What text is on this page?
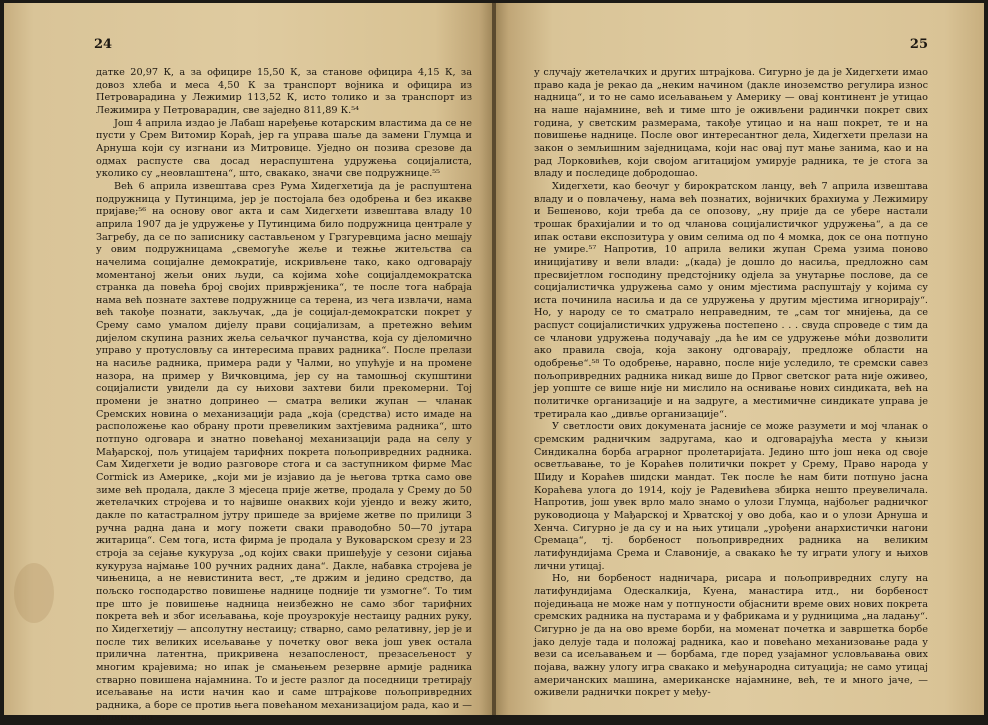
24

датке 20,97 К, а за официре 15,50 К, за станове официра 4,15 К, за довоз хлеба и меса 4,50 К за транспорт војника и официра из Петроварадина у Лежимир 113,52 К, исто толико и за транспорт из Лежимира у Петроварадин, све заједно 811,89 К.⁵⁴

Још 4 априла издао је Лабаш наређење котарским властима да се не пусти у Срем Витомир Кораћ, јер га управа шаље да замени Глумца и Арнуша који су изгнани из Митровице. Уједно он позива срезове да одмах распусте сва досад нераспуштена удружења социјалиста, уколико су „неовлаштена“, што, свакако, значи све подружнице.⁵⁵

Већ 6 априла извештава срез Рума Хидегхетија да је распуштена подружница у Путинцима, јер је постојала без одобрења и без икакве пријаве;⁵⁶ на основу овог акта и сам Хидегхети извештава владу 10 априла 1907 да је удружење у Путинцима било подружница централе у Загребу, да се по записнику састављеном у Грзгуревцима јасно мешају у овим подружницама „свемогуће жеље и тежње житељства са начелима социјалне демократије, искривљене тако, како одговарају моментаној жељи оних људи, са којима хоће социјалдемократска странка да повећа број својих привржјеника“, те после тога набраја нама већ познате захтеве подружнице са терена, из чега извлачи, нама већ такође познати, закључак, „да је социјал-демократски покрет у Срему само умалом дијелу прави социјализам, а претежно већим дијелом скупина разних жеља сељачког пучанства, која су дјеломично управо у протусловљу са интересима правих радника“. После прелази на насиље радника, примера ради у Чалми, но упућује и на промене назора, на пример у Вичковцима, јер су на тамошњој скупштини социјалисти увидели да су њихови захтеви били прекомерни. Тој промени је знатно допринео — сматра велики жупан — чланак Сремских новина о механизацији рада „која (средства) исто имаде на расположење као обрану проти превеликим захтјевима радника“, што потпуно одговара и знатно повећаној механизацији рада на селу у Мађарској, пољ утицајем тарифних покрета пољопривредних радника. Сам Хидегхети је водио разговоре стога и са заступником фирме Mac Cormick из Америке, „који ми је изјавио да је његова тртка само ове зиме већ продала, дакле 3 мјесеца прије жетве, продала у Срему до 50 жетелачких стројева и то највише онаквих који ујендо и вежу жито, дакле по катастралном јутру пришеде за вријеме жетве по прилици 3 ручна радна дана и могу пожети сваки прaвoдобно 50—70 јутара житарица“. Сем тога, иста фирма је продала у Вуковарском срезу и 23 строја за сејање кукуруза „од којих сваки пришеђује у сезони сијања кукуруза најмање 100 ручних радних дана“. Дакле, набавка стројева је чињеница, а не невистинита вест, „те држим и једино средство, да пољско господарство повишење наднице подније ти узмогне“. То тим пре што је повишење надница неизбежно не само због тарифних покрета већ и због исељавања, које проузрокује нестаицу радних руку, по Хидегхетију — апсолутну нестаицу; стварно, само релативну, јер је и после тих великих исељавање у почетку овог века још увек остала прилична латентна, прикривена незапосленост, презасељеност у многим крајевима; но ипак је смањењем резервне армије радника стварно повишена најамнина. То и јесте разлог да поседници третирају исељавање на исти начин као и саме штрајкове пољопривредних радника, а боре се против њега повећаном механизацијом рада, као и — делимично —

25

у случају жетелачких и других штрајкова. Сигурно је да је Хидегхети имао право када је рекао да „неким начином (дакле иноземство регулира износ надница“, и то не само исељавањем у Америку — овај континент је утицао на наше најамнине, већ и тиме што је оживљени радинчки покрет свих година, у светским размерама, такође утицао и на наш покрет, те и на повишење наднице. После овог интересантног дела, Хидегхети прелази на закон о земљишним заједницама, који нас овај пут мање занима, као и на рад Лорковићев, који својом агитацијом умирује радника, те је стога за владу и последице добродошао.

Хидегхети, као беочуг у бирократском ланцу, већ 7 априла извештава владу и о повлачењу, нама већ познатих, војничких брахиума у Лежимиру и Бешеново, који треба да се опозову, „ну прије да се уберe настали трошак брахијалии и то од чланова социјалистичког удружења“, а да се ипак остави експозитура у овим селима од по 4 момка, док се она потпуно не умире.⁵⁷ Напротив, 10 априла велики жупан Срема узима поново иницијативу и вели влади: „(када) је дошло до насиља, предложно сам пресвијетлом господину предстојнику одјела за унутарње послове, да се социјалистичка удружења само у оним мјестима распуштају у којима су иста починила насиља и да се удружења у другим мјестима игнорирају“. Но, у народу се то сматрало неправедним, те „сам тог мнијења, да се распуст социјалистичких удружења постепено . . . свуда спроведе с тим да се чланови удружења подучавају „да ће им се удружење мóћи дозволити ако правила своја, која закону одговарају, предложе области на одобрење“.⁵⁸ То одобрење, наравно, после није уследило, те сремски савез пољопривредних радника никад више до Првог светског рата није оживео, јер уопште се више није ни мислило на оснивање нових синдиката, већ на политичке организације и на задруге, а местимичне синдикате управа је третирала као „дивље организације“.

У светлости ових докумената јасније се може разумети и мој чланак о сремским радничким задругама, као и одговарајућа места у књизи Синдикална борба аграрног пролетаријата. Једино што још нека од своје осветљавање, то је Кораћев политички покрет у Срему, Право народа у Шиду и Кораћев шидски мандат. Тек после ће нам бити потпуно јасна Кораћева улога до 1914, коју је Радевићева збирка нешто преувеличала. Напротив, још увек врло мало знамо о улози Глумца, најбољег радничког руководиоца у Мађарској и Хрватској у ово доба, као и о улози Арнуша и Хенча. Сигурно је да су и на њих утицали „урођени анархистички нагони Сремаца“, тј. борбеност пољопривредних радника на великим латифундијама Срема и Славоније, а свакако ће ту играти улогу и њихов лични утицај.

Но, ни борбеност надничара, рисара и пољопривредних слугу на латифундијама Одескалкија, Куена, манастира итд., ни борбеност поједињаца не може нам у потпуности објаснити време ових нових покрета сремских радника на пустарама и у фабрикама и у рудницима „на ладању“. Сигурно је да на ово време борби, на моменат почетка и завршетка борбе јако делује тада и положај радника, као и повећано механизовање рада у вези са исељавањем и — борбама, где поред узајамног условљавања ових појава, важну улогу игра свакако и међународна ситуација; не само утицај америчанских машина, американске најамнине, већ, те и много јаче, — оживели раднички покрет у међу-
